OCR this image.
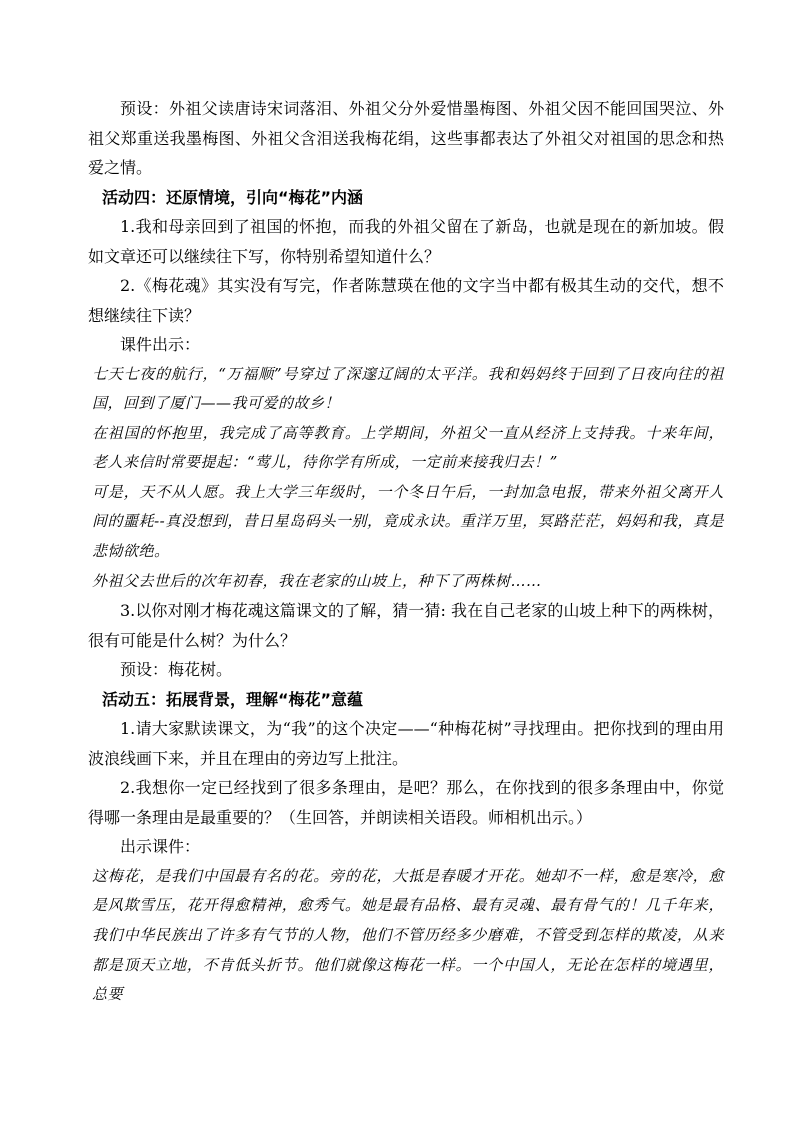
预设：外祖父读唐诗宋词落泪、外祖父分外爱惜墨梅图、外祖父因不能回国哭泣、外祖父郑重送我墨梅图、外祖父含泪送我梅花绢，这些事都表达了外祖父对祖国的思念和热爱之情。

活动四：还原情境，引向“梅花”内涵

1.我和母亲回到了祖国的怀抱，而我的外祖父留在了新岛，也就是现在的新加坡。假如文章还可以继续往下写，你特别希望知道什么？

2.《梅花魂》其实没有写完，作者陈慧瑛在他的文字当中都有极其生动的交代，想不想继续往下读？

课件出示：

七天七夜的航行，“万福顺”号穿过了深邃辽阔的太平洋。我和妈妈终于回到了日夜向往的祖国，回到了厦门——我可爱的故乡！

在祖国的怀抱里，我完成了高等教育。上学期间，外祖父一直从经济上支持我。十来年间，老人来信时常要提起：“莺儿，待你学有所成，一定前来接我归去！”

可是，天不从人愿。我上大学三年级时，一个冬日午后，一封加急电报，带来外祖父离开人间的噩耗--真没想到，昔日星岛码头一别，竟成永诀。重洋万里，冥路茫茫，妈妈和我，真是悲恸欲绝。

外祖父去世后的次年初春，我在老家的山坡上，种下了两株树……

3.以你对刚才梅花魂这篇课文的了解，猜一猜: 我在自己老家的山坡上种下的两株树，很有可能是什么树？为什么？

预设：梅花树。

活动五：拓展背景，理解“梅花”意蕴

1.请大家默读课文，为“我”的这个决定——“种梅花树”寻找理由。把你找到的理由用波浪线画下来，并且在理由的旁边写上批注。

2.我想你一定已经找到了很多条理由，是吧？那么，在你找到的很多条理由中，你觉得哪一条理由是最重要的？（生回答，并朗读相关语段。师相机出示。）

出示课件：

这梅花，是我们中国最有名的花。旁的花，大抵是春暖才开花。她却不一样，愈是寒冷，愈是风欺雪压，花开得愈精神，愈秀气。她是最有品格、最有灵魂、最有骨气的！几千年来，我们中华民族出了许多有气节的人物，他们不管历经多少磨难，不管受到怎样的欺凌，从来都是顶天立地，不肯低头折节。他们就像这梅花一样。一个中国人，无论在怎样的境遇里，总要
